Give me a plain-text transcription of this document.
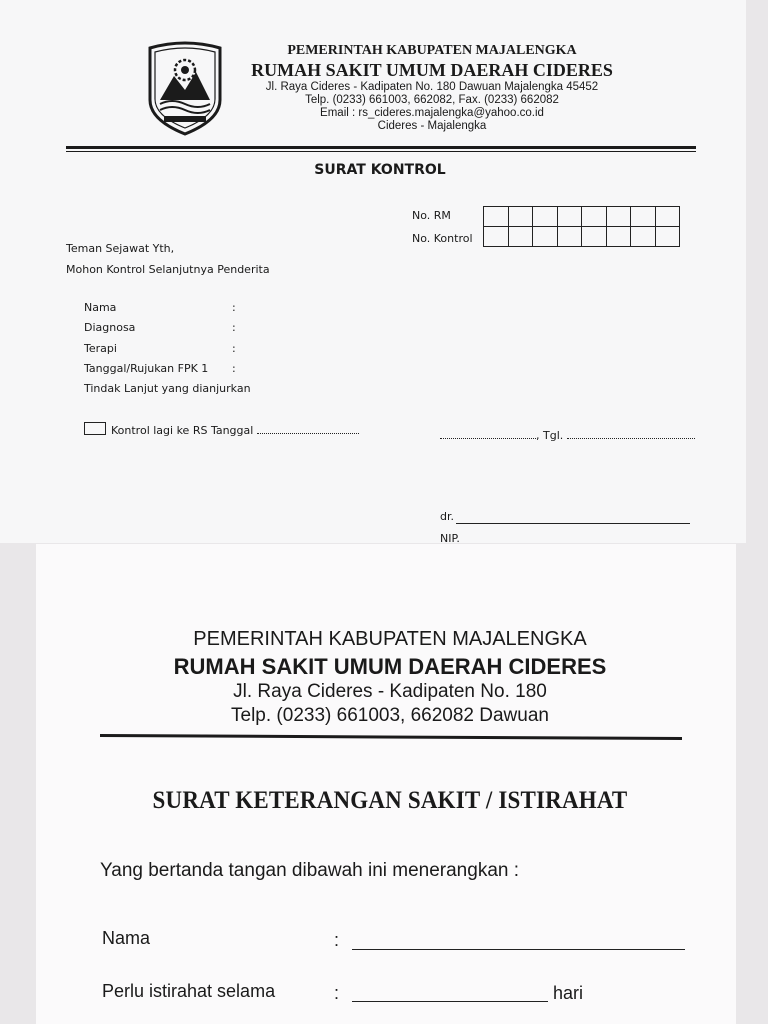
PEMERINTAH KABUPATEN MAJALENGKA
RUMAH SAKIT UMUM DAERAH CIDERES
Jl. Raya Cideres - Kadipaten No. 180 Dawuan Majalengka 45452
Telp. (0233) 661003, 662082, Fax. (0233) 662082
Email : rs_cideres.majalengka@yahoo.co.id
Cideres - Majalengka
SURAT KONTROL
No. RM
No. Kontrol
Teman Sejawat Yth,
Mohon Kontrol Selanjutnya Penderita
Nama	:
Diagnosa	:
Terapi	:
Tanggal/Rujukan FPK 1 :
Tindak Lanjut yang dianjurkan
Kontrol lagi ke RS Tanggal	, Tgl.
dr.
NIP.
PEMERINTAH KABUPATEN MAJALENGKA
RUMAH SAKIT UMUM DAERAH CIDERES
Jl. Raya Cideres - Kadipaten No. 180
Telp. (0233) 661003, 662082 Dawuan
SURAT KETERANGAN SAKIT / ISTIRAHAT
Yang bertanda tangan dibawah ini menerangkan :
Nama	:
Perlu istirahat selama	:	hari
